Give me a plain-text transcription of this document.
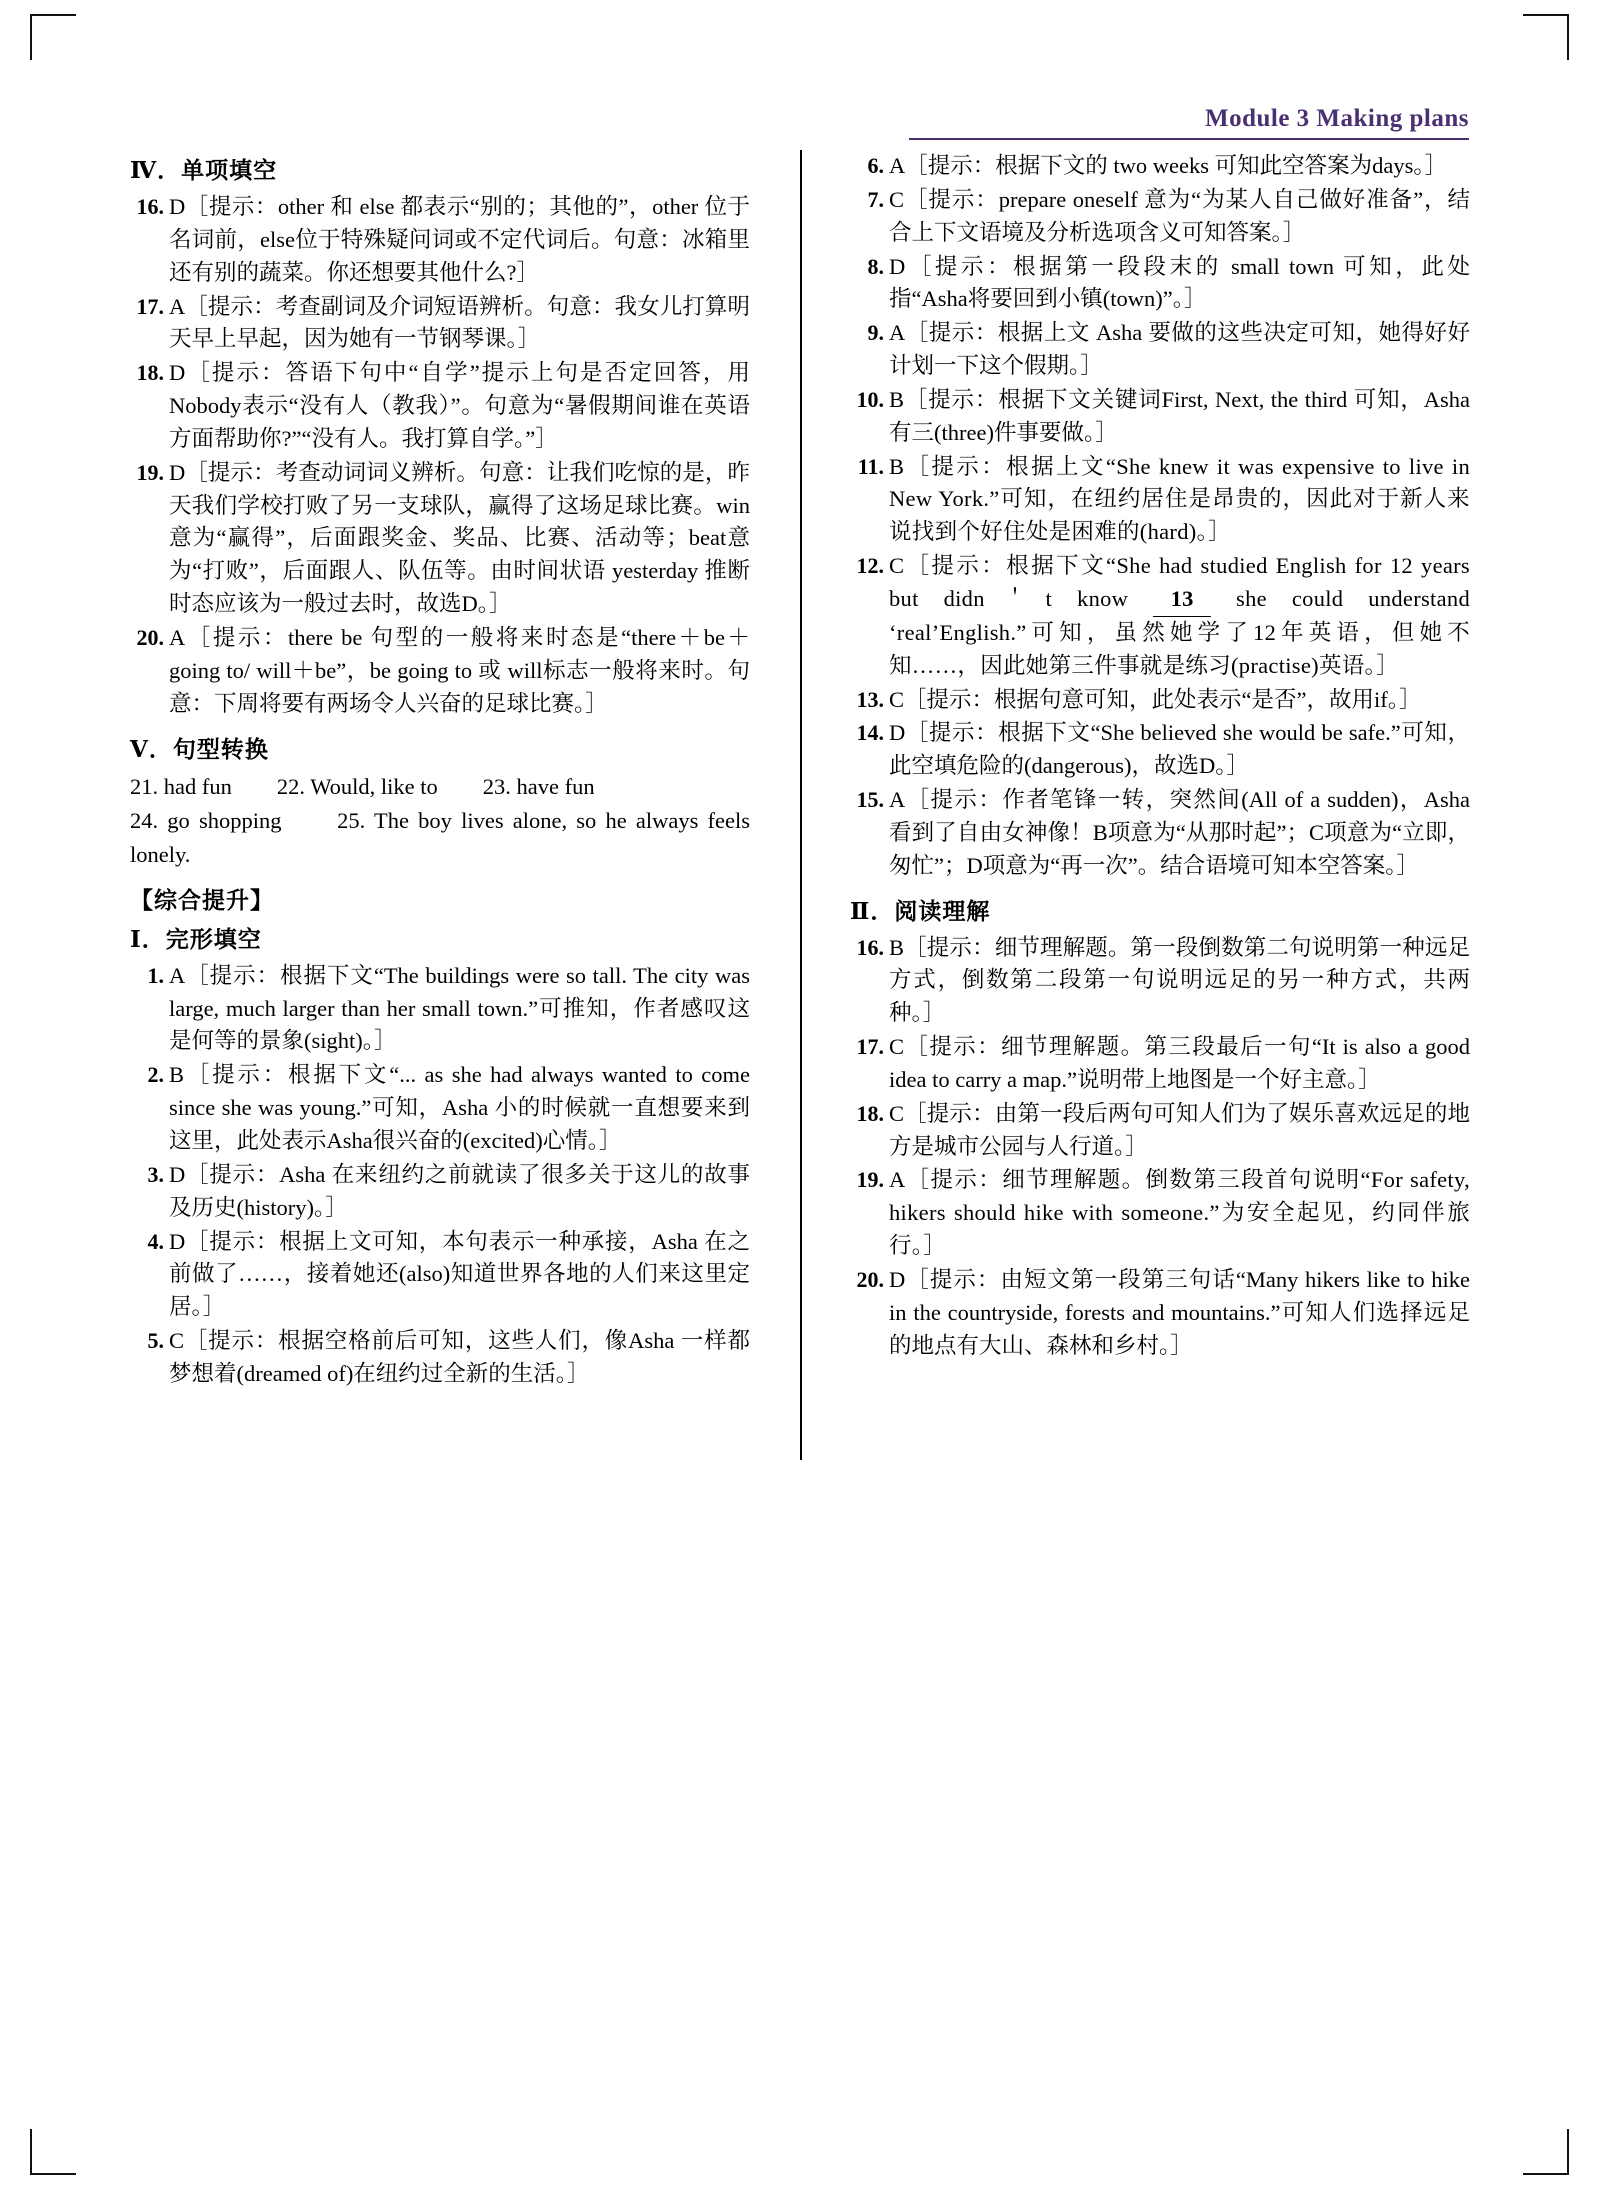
Module 3 Making plans
Ⅳ．单项填空
16. D［提示：other 和 else 都表示“别的；其他的”，other 位于名词前，else位于特殊疑问词或不定代词后。句意：冰箱里还有别的蔬菜。你还想要其他什么?］
17. A［提示：考查副词及介词短语辨析。句意：我女儿打算明天早上早起，因为她有一节钢琴课。］
18. D［提示：答语下句中“自学”提示上句是否定回答，用Nobody表示“没有人（教我）”。句意为“暑假期间谁在英语方面帮助你?”“没有人。我打算自学。”］
19. D［提示：考查动词词义辨析。句意：让我们吃惊的是，昨天我们学校打败了另一支球队，赢得了这场足球比赛。win 意为“赢得”，后面跟奖金、奖品、比赛、活动等；beat意为“打败”，后面跟人、队伍等。由时间状语 yesterday 推断时态应该为一般过去时，故选D。］
20. A［提示：there be 句型的一般将来时态是“there＋be＋going to/ will＋be”，be going to 或 will标志一般将来时。句意：下周将要有两场令人兴奋的足球比赛。］
Ⅴ．句型转换
21. had fun　　22. Would, like to　　23. have fun
24. go shopping　　25. The boy lives alone, so he always feels lonely.
【综合提升】
Ⅰ．完形填空
1. A［提示：根据下文“The buildings were so tall. The city was large, much larger than her small town.”可推知，作者感叹这是何等的景象(sight)。］
2. B［提示：根据下文“... as she had always wanted to come since she was young.”可知，Asha 小的时候就一直想要来到这里，此处表示Asha很兴奋的(excited)心情。］
3. D［提示：Asha 在来纽约之前就读了很多关于这儿的故事及历史(history)。］
4. D［提示：根据上文可知，本句表示一种承接，Asha 在之前做了……，接着她还(also)知道世界各地的人们来这里定居。］
5. C［提示：根据空格前后可知，这些人们，像Asha 一样都梦想着(dreamed of)在纽约过全新的生活。］
6. A［提示：根据下文的 two weeks 可知此空答案为days。］
7. C［提示：prepare oneself 意为“为某人自己做好准备”，结合上下文语境及分析选项含义可知答案。］
8. D［提示：根据第一段段末的 small town 可知，此处指“Asha将要回到小镇(town)”。］
9. A［提示：根据上文 Asha 要做的这些决定可知，她得好好计划一下这个假期。］
10. B［提示：根据下文关键词First, Next, the third 可知，Asha 有三(three)件事要做。］
11. B［提示：根据上文“She knew it was expensive to live in New York.”可知，在纽约居住是昂贵的，因此对于新人来说找到个好住处是困难的(hard)。］
12. C［提示：根据下文“She had studied English for 12 years but didn＇t know 13 she could understand ‘real’English.”可知，虽然她学了12年英语，但她不知……，因此她第三件事就是练习(practise)英语。］
13. C［提示：根据句意可知，此处表示“是否”，故用if。］
14. D［提示：根据下文“She believed she would be safe.”可知，此空填危险的(dangerous)，故选D。］
15. A［提示：作者笔锋一转，突然间(All of a sudden)，Asha 看到了自由女神像！B项意为“从那时起”；C项意为“立即，匆忙”；D项意为“再一次”。结合语境可知本空答案。］
Ⅱ．阅读理解
16. B［提示：细节理解题。第一段倒数第二句说明第一种远足方式，倒数第二段第一句说明远足的另一种方式，共两种。］
17. C［提示：细节理解题。第三段最后一句“It is also a good idea to carry a map.”说明带上地图是一个好主意。］
18. C［提示：由第一段后两句可知人们为了娱乐喜欢远足的地方是城市公园与人行道。］
19. A［提示：细节理解题。倒数第三段首句说明“For safety, hikers should hike with someone.”为安全起见，约同伴旅行。］
20. D［提示：由短文第一段第三句话“Many hikers like to hike in the countryside, forests and mountains.”可知人们选择远足的地点有大山、森林和乡村。］
